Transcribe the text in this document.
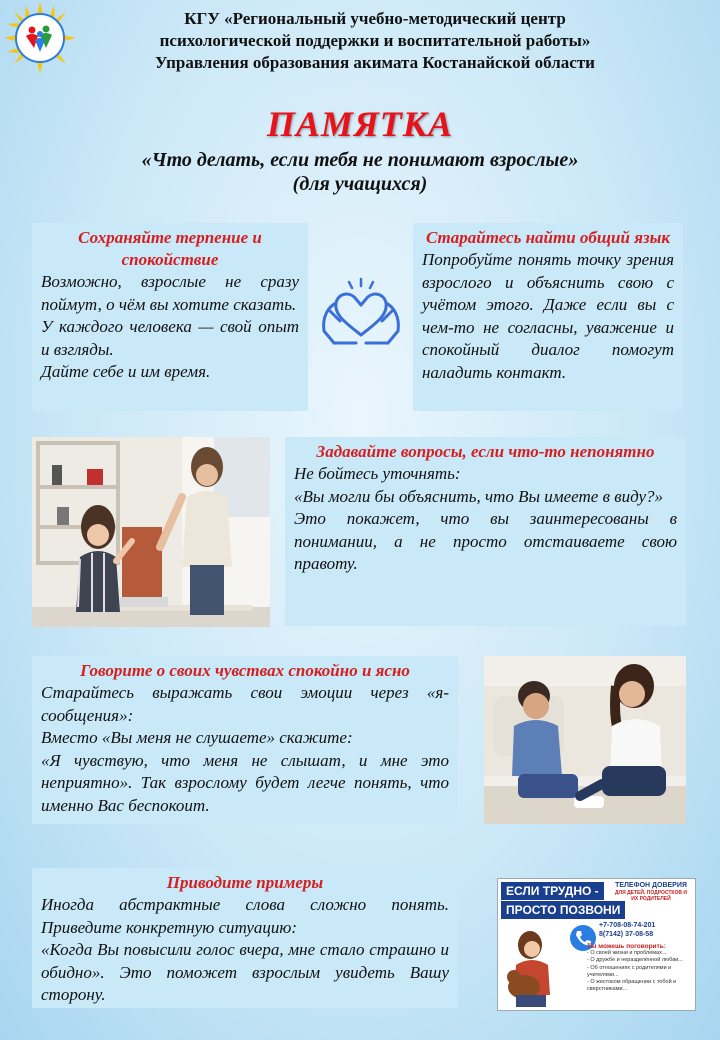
КГУ «Региональный учебно-методический центр
психологической поддержки и воспитательной работы»
Управления образования акимата Костанайской области
ПАМЯТКА
«Что делать, если тебя не понимают взрослые»
(для учащихся)
Сохраняйте терпение и спокойствие

Возможно, взрослые не сразу поймут, о чём вы хотите сказать.

У каждого человека — свой опыт и взгляды.

Дайте себе и им время.

Старайтесь найти общий язык

Попробуйте понять точку зрения взрослого и объяснить свою с учётом этого. Даже если вы с чем-то не согласны, уважение и спокойный диалог помогут наладить контакт.

Задавайте вопросы, если что-то непонятно

Не бойтесь уточнять:

«Вы могли бы объяснить, что Вы имеете в виду?»

Это покажет, что вы заинтересованы в понимании, а не просто отстаиваете свою правоту.

Говорите о своих чувствах спокойно и ясно

Старайтесь выражать свои эмоции через «я-сообщения»:

Вместо «Вы меня не слушаете» скажите:

«Я чувствую, что меня не слышат, и мне это неприятно». Так взрослому будет легче понять, что именно Вас беспокоит.

Приводите примеры

Иногда абстрактные слова сложно понять. Приведите конкретную ситуацию:

«Когда Вы повысили голос вчера, мне стало страшно и обидно». Это поможет взрослым увидеть Вашу сторону.

ЕСЛИ ТРУДНО -
ПРОСТО ПОЗВОНИ
ТЕЛЕФОН ДОВЕРИЯ
ДЛЯ ДЕТЕЙ, ПОДРОСТКОВ И ИХ РОДИТЕЛЕЙ
+7-708-08-74-201
8(7142) 37-08-58
Ты можешь поговорить:
- О своей жизни и проблемах...
- О дружбе и неразделённой любви...
- Об отношениях с родителями и учителями...
- О жестоком обращении с тобой и сверстниками...
